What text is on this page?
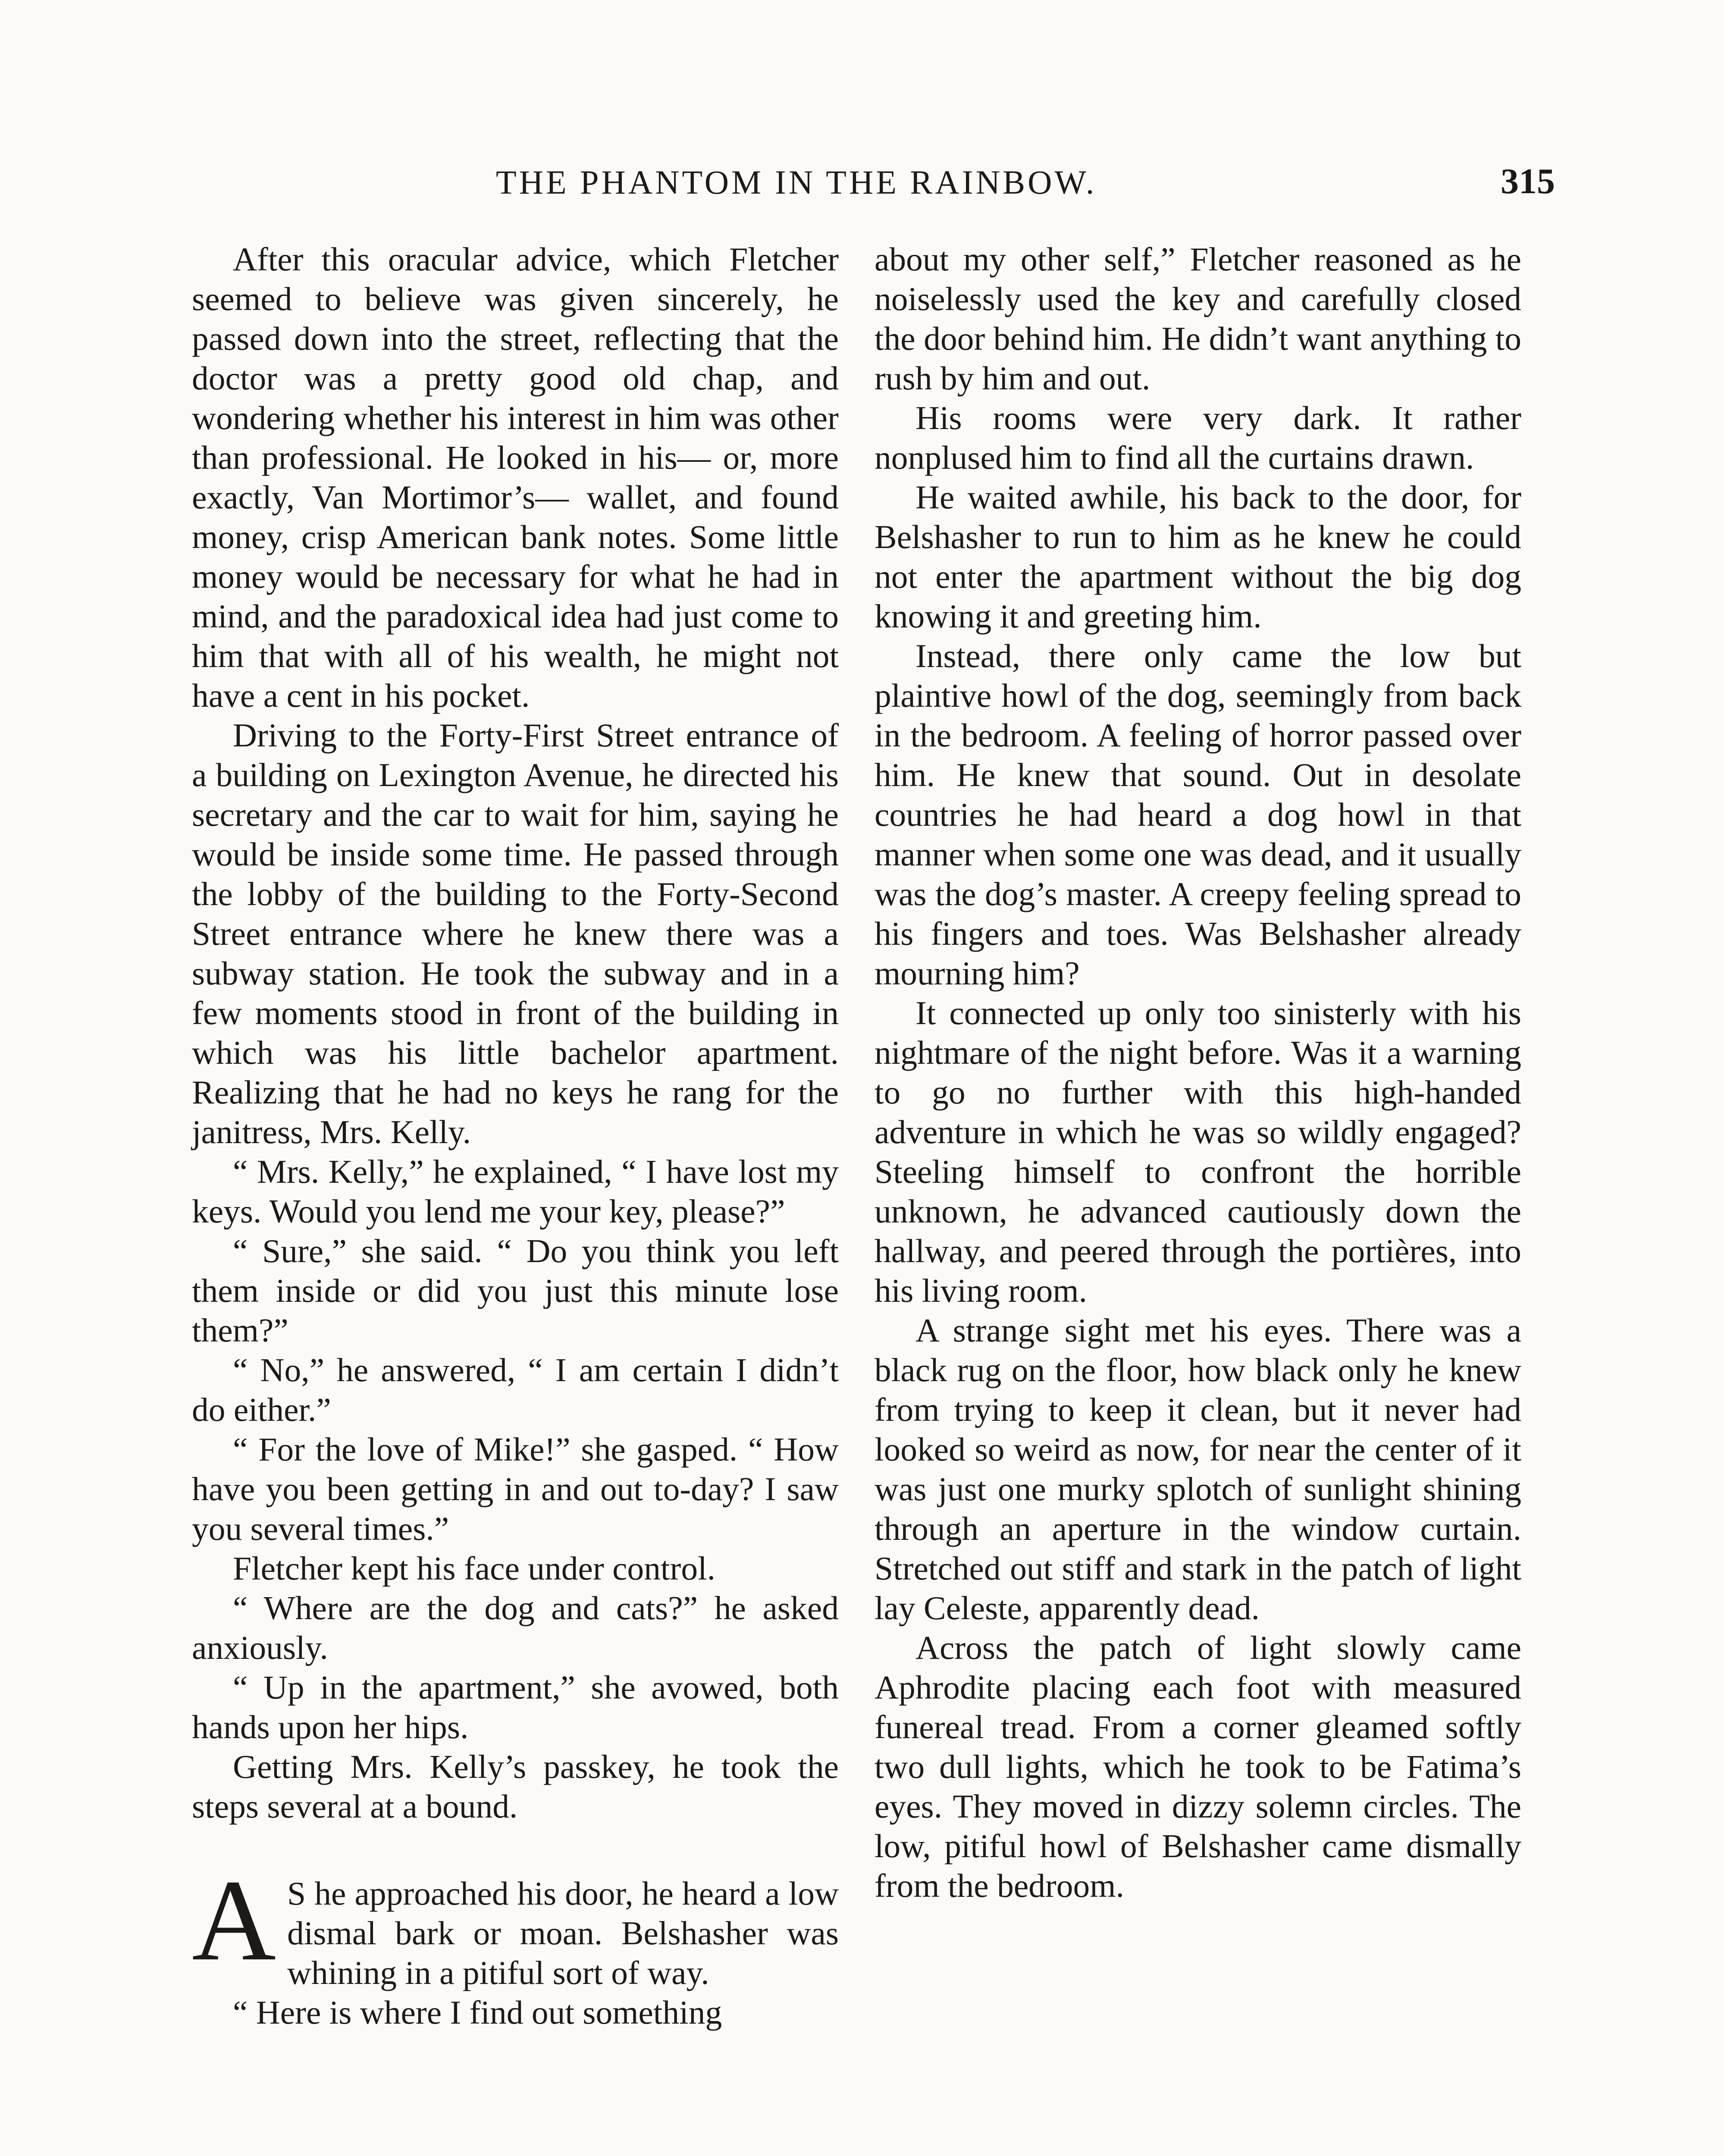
THE PHANTOM IN THE RAINBOW.	315

After this oracular advice, which Fletcher seemed to believe was given sincerely, he passed down into the street, reflecting that the doctor was a pretty good old chap, and wondering whether his interest in him was other than professional. He looked in his— or, more exactly, Van Mortimor’s— wallet, and found money, crisp American bank notes. Some little money would be necessary for what he had in mind, and the paradoxical idea had just come to him that with all of his wealth, he might not have a cent in his pocket.

Driving to the Forty-First Street entrance of a building on Lexington Avenue, he directed his secretary and the car to wait for him, saying he would be inside some time. He passed through the lobby of the building to the Forty-Second Street entrance where he knew there was a subway station. He took the subway and in a few moments stood in front of the building in which was his little bachelor apartment. Realizing that he had no keys he rang for the janitress, Mrs. Kelly.

“ Mrs. Kelly,” he explained, “ I have lost my keys. Would you lend me your key, please?”

“ Sure,” she said. “ Do you think you left them inside or did you just this minute lose them?”

“ No,” he answered, “ I am certain I didn’t do either.”

“ For the love of Mike!” she gasped. “ How have you been getting in and out to-day? I saw you several times.”

Fletcher kept his face under control.

“ Where are the dog and cats?” he asked anxiously.

“ Up in the apartment,” she avowed, both hands upon her hips.

Getting Mrs. Kelly’s passkey, he took the steps several at a bound.

A S he approached his door, he heard a low dismal bark or moan. Belshasher was whining in a pitiful sort of way.

“ Here is where I find out something

about my other self,” Fletcher reasoned as he noiselessly used the key and carefully closed the door behind him. He didn’t want anything to rush by him and out.

His rooms were very dark. It rather nonplused him to find all the curtains drawn.

He waited awhile, his back to the door, for Belshasher to run to him as he knew he could not enter the apartment without the big dog knowing it and greeting him.

Instead, there only came the low but plaintive howl of the dog, seemingly from back in the bedroom. A feeling of horror passed over him. He knew that sound. Out in desolate countries he had heard a dog howl in that manner when some one was dead, and it usually was the dog’s master. A creepy feeling spread to his fingers and toes. Was Belshasher already mourning him?

It connected up only too sinisterly with his nightmare of the night before. Was it a warning to go no further with this high-handed adventure in which he was so wildly engaged? Steeling himself to confront the horrible unknown, he advanced cautiously down the hallway, and peered through the portières, into his living room.

A strange sight met his eyes. There was a black rug on the floor, how black only he knew from trying to keep it clean, but it never had looked so weird as now, for near the center of it was just one murky splotch of sunlight shining through an aperture in the window curtain. Stretched out stiff and stark in the patch of light lay Celeste, apparently dead.

Across the patch of light slowly came Aphrodite placing each foot with measured funereal tread. From a corner gleamed softly two dull lights, which he took to be Fatima’s eyes. They moved in dizzy solemn circles. The low, pitiful howl of Belshasher came dismally from the bedroom.
